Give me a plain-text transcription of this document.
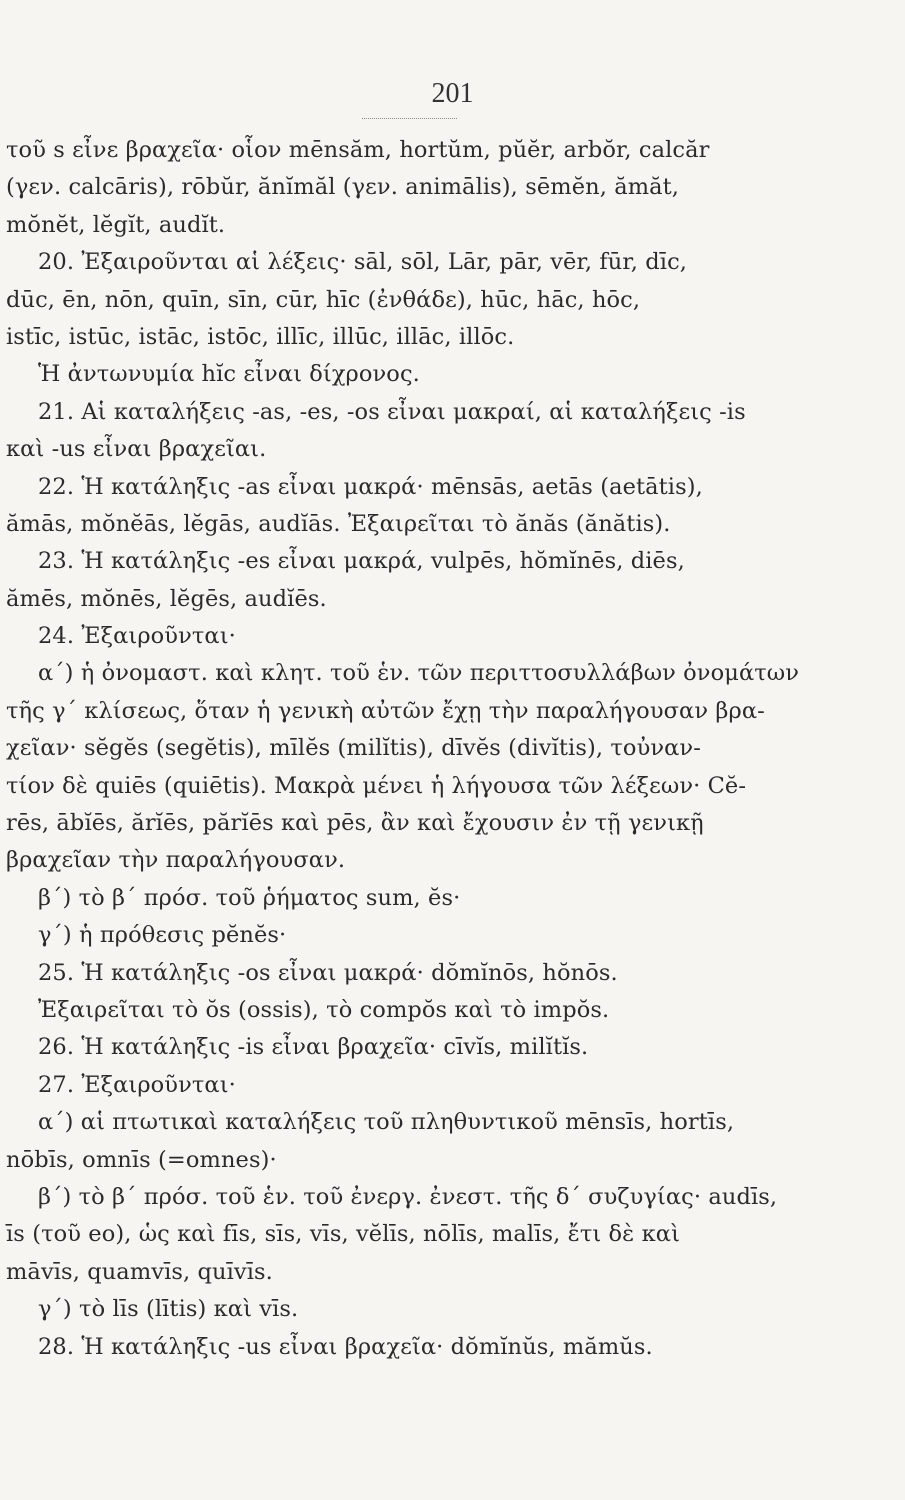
201
τοῦ s εἶνε βραχεῖα· οἷον mēnsăm, hortŭm, pŭĕr, arbŏr, calcăr
(γεν. calcāris), rōbŭr, ănĭmăl (γεν. animālis), sēmĕn, ămăt,
mŏnĕt, lĕgĭt, audĭt.
20. Ἐξαιροῦνται αἱ λέξεις· sāl, sōl, Lār, pār, vēr, fūr, dīc,
dūc, ēn, nōn, quīn, sīn, cūr, hīc (ἐνθάδε), hūc, hāc, hōc,
istīc, istūc, istāc, istōc, illīc, illūc, illāc, illōc.
Ἡ ἀντωνυμία hĭc εἶναι δίχρονος.
21. Αἱ καταλήξεις -as, -es, -os εἶναι μακραί, αἱ καταλήξεις -is
καὶ -us εἶναι βραχεῖαι.
22. Ἡ κατάληξις -as εἶναι μακρά· mēnsās, aetās (aetātis),
ămās, mŏnĕās, lĕgās, audĭās. Ἐξαιρεῖται τὸ ănăs (ănătis).
23. Ἡ κατάληξις -es εἶναι μακρά, vulpēs, hŏmĭnēs, diēs,
ămēs, mŏnēs, lĕgēs, audĭēs.
24. Ἐξαιροῦνται·
α΄) ἡ ὀνομαστ. καὶ κλητ. τοῦ ἑν. τῶν περιττοσυλλάβων ὀνομάτων
τῆς γ΄ κλίσεως, ὅταν ἡ γενικὴ αὐτῶν ἔχῃ τὴν παραλήγουσαν βρα-
χεῖαν· sĕgĕs (segĕtis), mīlĕs (milĭtis), dīvĕs (divĭtis), τοὐναν-
τίον δὲ quiēs (quiētis). Μακρὰ μένει ἡ λήγουσα τῶν λέξεων· Cĕ-
rēs, ābĭēs, ărĭēs, părĭēs καὶ pēs, ἂν καὶ ἔχουσιν ἐν τῇ γενικῇ
βραχεῖαν τὴν παραλήγουσαν.
β΄) τὸ β΄ πρόσ. τοῦ ῥήματος sum, ĕs·
γ΄) ἡ πρόθεσις pĕnĕs·
25. Ἡ κατάληξις -os εἶναι μακρά· dŏmĭnōs, hŏnōs.
Ἐξαιρεῖται τὸ ŏs (ossis), τὸ compŏs καὶ τὸ impŏs.
26. Ἡ κατάληξις -is εἶναι βραχεῖα· cīvĭs, milĭtĭs.
27. Ἐξαιροῦνται·
α΄) αἱ πτωτικαὶ καταλήξεις τοῦ πληθυντικοῦ mēnsīs, hortīs,
nōbīs, omnīs (=omnes)·
β΄) τὸ β΄ πρόσ. τοῦ ἑν. τοῦ ἐνεργ. ἐνεστ. τῆς δ΄ συζυγίας· audīs,
īs (τοῦ eo), ὡς καὶ fīs, sīs, vīs, vĕlīs, nōlīs, malīs, ἔτι δὲ καὶ
māvīs, quamvīs, quīvīs.
γ΄) τὸ līs (lītis) καὶ vīs.
28. Ἡ κατάληξις -us εἶναι βραχεῖα· dŏmĭnŭs, mămŭs.
